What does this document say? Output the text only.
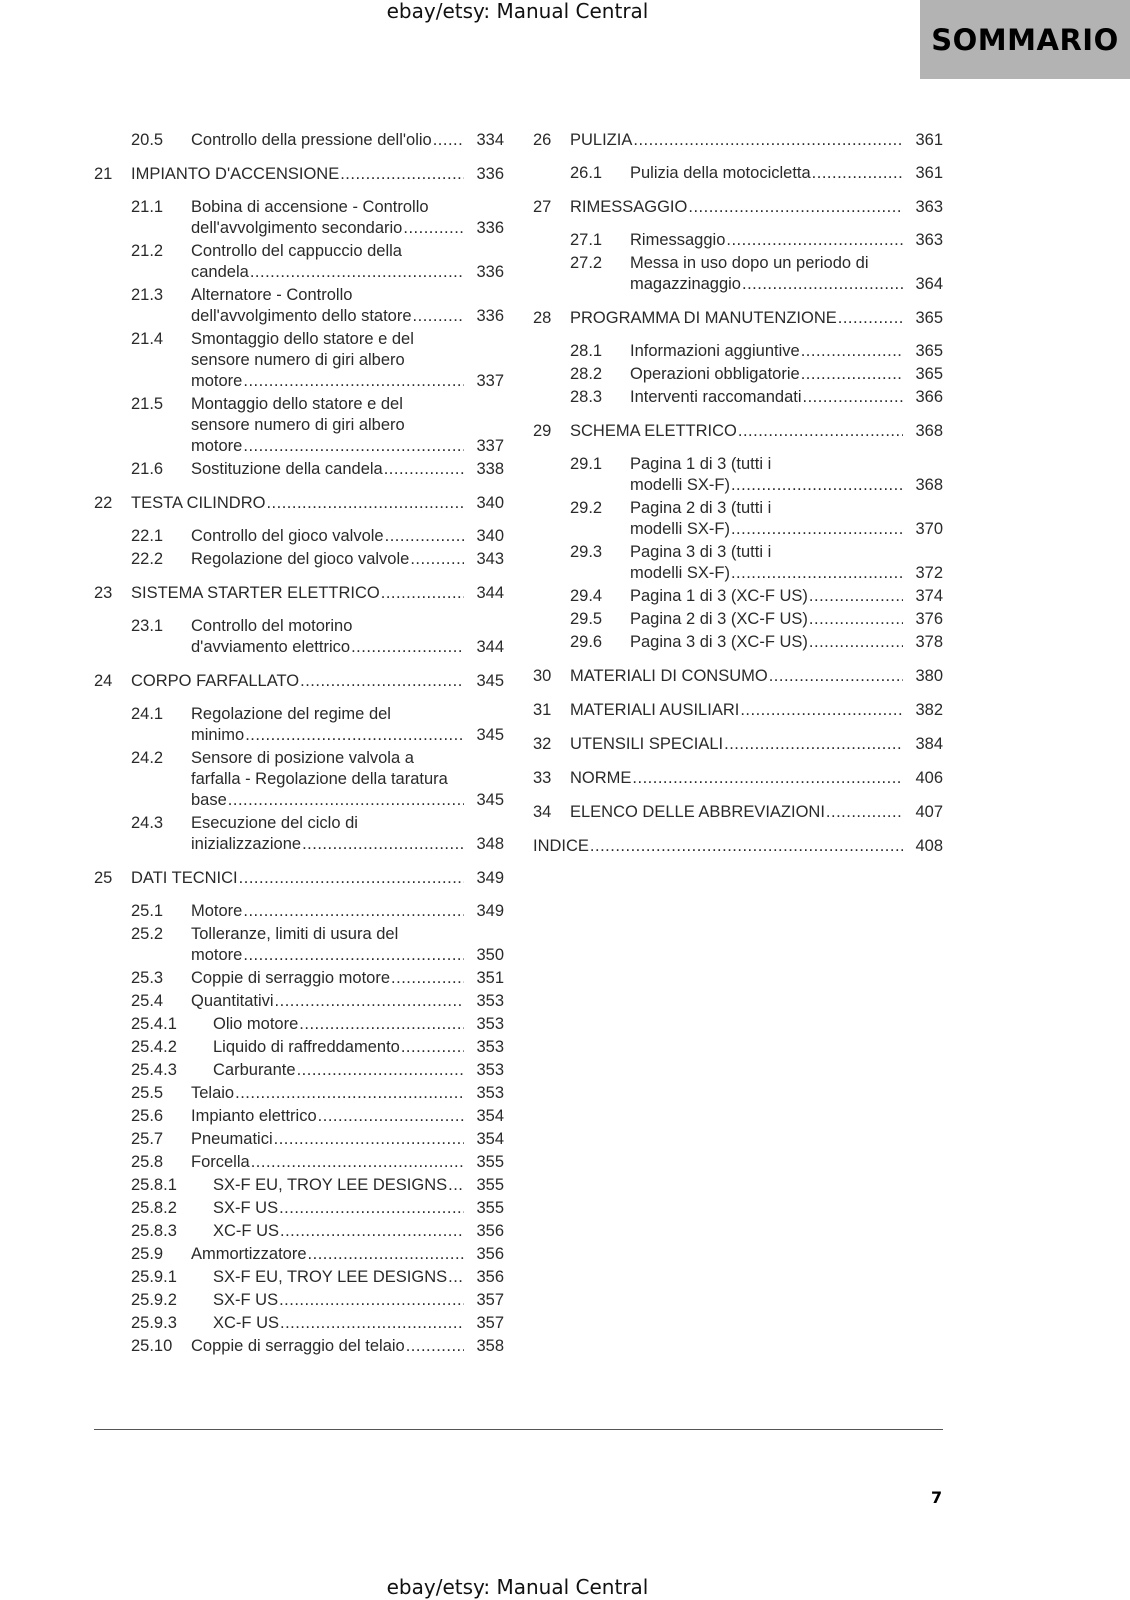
ebay/etsy: Manual Central
SOMMARIO
20.5 Controllo della pressione dell'olio .....	334
21 IMPIANTO D'ACCENSIONE .....	336
21.1 Bobina di accensione - Controllo
dell'avvolgimento secondario .....	336
21.2 Controllo del cappuccio della
candela .....	336
21.3 Alternatore - Controllo
dell'avvolgimento dello statore .....	336
21.4 Smontaggio dello statore e del
sensore numero di giri albero
motore .....	337
21.5 Montaggio dello statore e del
sensore numero di giri albero
motore .....	337
21.6 Sostituzione della candela .....	338
22 TESTA CILINDRO .....	340
22.1 Controllo del gioco valvole .....	340
22.2 Regolazione del gioco valvole .....	343
23 SISTEMA STARTER ELETTRICO .....	344
23.1 Controllo del motorino
d'avviamento elettrico .....	344
24 CORPO FARFALLATO .....	345
24.1 Regolazione del regime del
minimo .....	345
24.2 Sensore di posizione valvola a
farfalla - Regolazione della taratura
base .....	345
24.3 Esecuzione del ciclo di
inizializzazione .....	348
25 DATI TECNICI .....	349
25.1 Motore .....	349
25.2 Tolleranze, limiti di usura del
motore .....	350
25.3 Coppie di serraggio motore .....	351
25.4 Quantitativi .....	353
25.4.1 Olio motore .....	353
25.4.2 Liquido di raffreddamento .....	353
25.4.3 Carburante .....	353
25.5 Telaio .....	353
25.6 Impianto elettrico .....	354
25.7 Pneumatici .....	354
25.8 Forcella .....	355
25.8.1 SX-F EU, TROY LEE DESIGNS .....	355
25.8.2 SX-F US .....	355
25.8.3 XC-F US .....	356
25.9 Ammortizzatore .....	356
25.9.1 SX-F EU, TROY LEE DESIGNS .....	356
25.9.2 SX-F US .....	357
25.9.3 XC-F US .....	357
25.10 Coppie di serraggio del telaio .....	358
26 PULIZIA .....	361
26.1 Pulizia della motocicletta .....	361
27 RIMESSAGGIO .....	363
27.1 Rimessaggio .....	363
27.2 Messa in uso dopo un periodo di
magazzinaggio .....	364
28 PROGRAMMA DI MANUTENZIONE .....	365
28.1 Informazioni aggiuntive .....	365
28.2 Operazioni obbligatorie .....	365
28.3 Interventi raccomandati .....	366
29 SCHEMA ELETTRICO .....	368
29.1 Pagina 1 di 3 (tutti i
modelli SX-F) .....	368
29.2 Pagina 2 di 3 (tutti i
modelli SX-F) .....	370
29.3 Pagina 3 di 3 (tutti i
modelli SX-F) .....	372
29.4 Pagina 1 di 3 (XC-F US) .....	374
29.5 Pagina 2 di 3 (XC-F US) .....	376
29.6 Pagina 3 di 3 (XC-F US) .....	378
30 MATERIALI DI CONSUMO .....	380
31 MATERIALI AUSILIARI .....	382
32 UTENSILI SPECIALI .....	384
33 NORME .....	406
34 ELENCO DELLE ABBREVIAZIONI .....	407
INDICE .....	408
7
ebay/etsy: Manual Central
